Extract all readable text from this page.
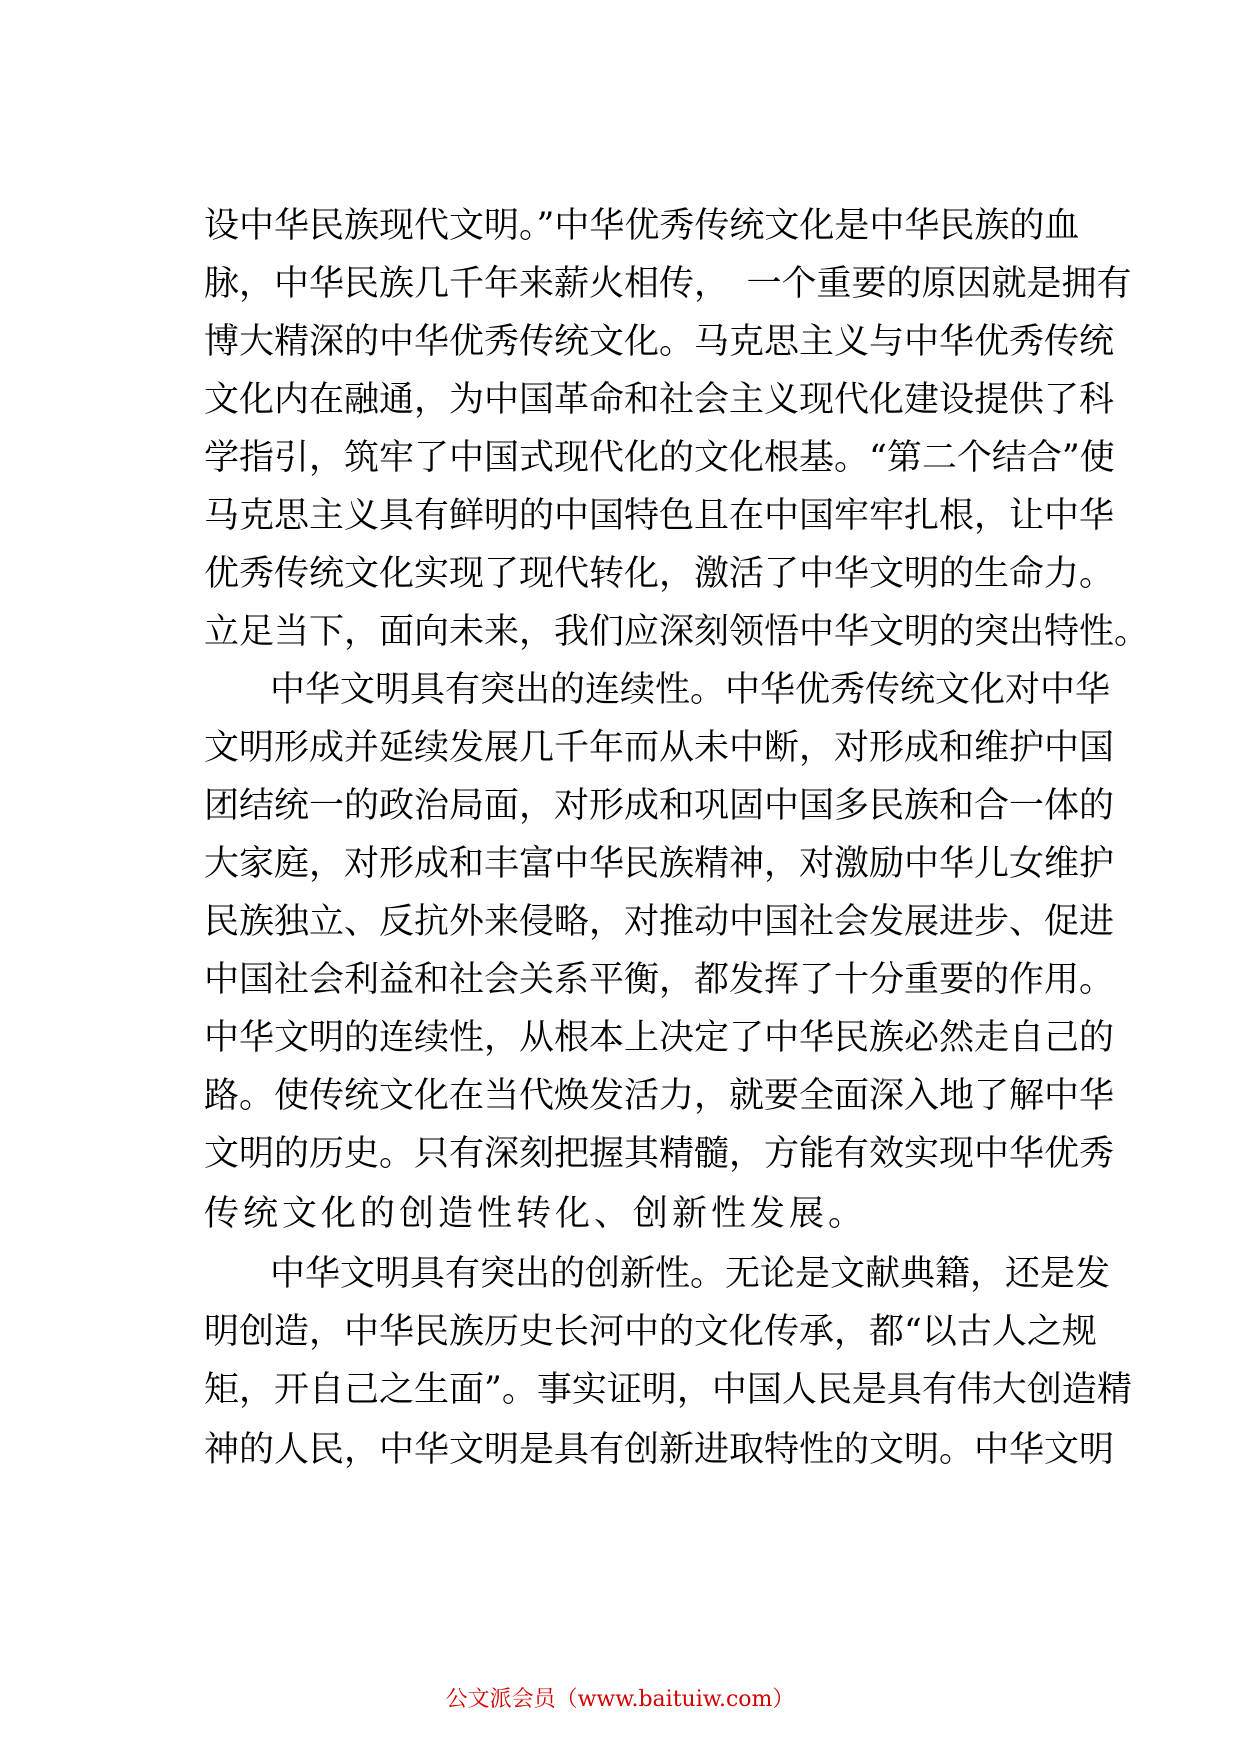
设中华民族现代文明。”中华优秀传统文化是中华民族的血
脉，中华民族几千年来薪火相传，　一个重要的原因就是拥有
博大精深的中华优秀传统文化。马克思主义与中华优秀传统
文化内在融通，为中国革命和社会主义现代化建设提供了科
学指引，筑牢了中国式现代化的文化根基。“第二个结合”使
马克思主义具有鲜明的中国特色且在中国牢牢扎根，让中华
优秀传统文化实现了现代转化，激活了中华文明的生命力。
立足当下，面向未来，我们应深刻领悟中华文明的突出特性。
中华文明具有突出的连续性。中华优秀传统文化对中华
文明形成并延续发展几千年而从未中断，对形成和维护中国
团结统一的政治局面，对形成和巩固中国多民族和合一体的
大家庭，对形成和丰富中华民族精神，对激励中华儿女维护
民族独立、反抗外来侵略，对推动中国社会发展进步、促进
中国社会利益和社会关系平衡，都发挥了十分重要的作用。
中华文明的连续性，从根本上决定了中华民族必然走自己的
路。使传统文化在当代焕发活力，就要全面深入地了解中华
文明的历史。只有深刻把握其精髓，方能有效实现中华优秀
传统文化的创造性转化、创新性发展。
中华文明具有突出的创新性。无论是文献典籍，还是发
明创造，中华民族历史长河中的文化传承，都“以古人之规
矩，开自己之生面”。事实证明，中国人民是具有伟大创造精
神的人民，中华文明是具有创新进取特性的文明。中华文明
公文派会员（www.baituiw.com）
